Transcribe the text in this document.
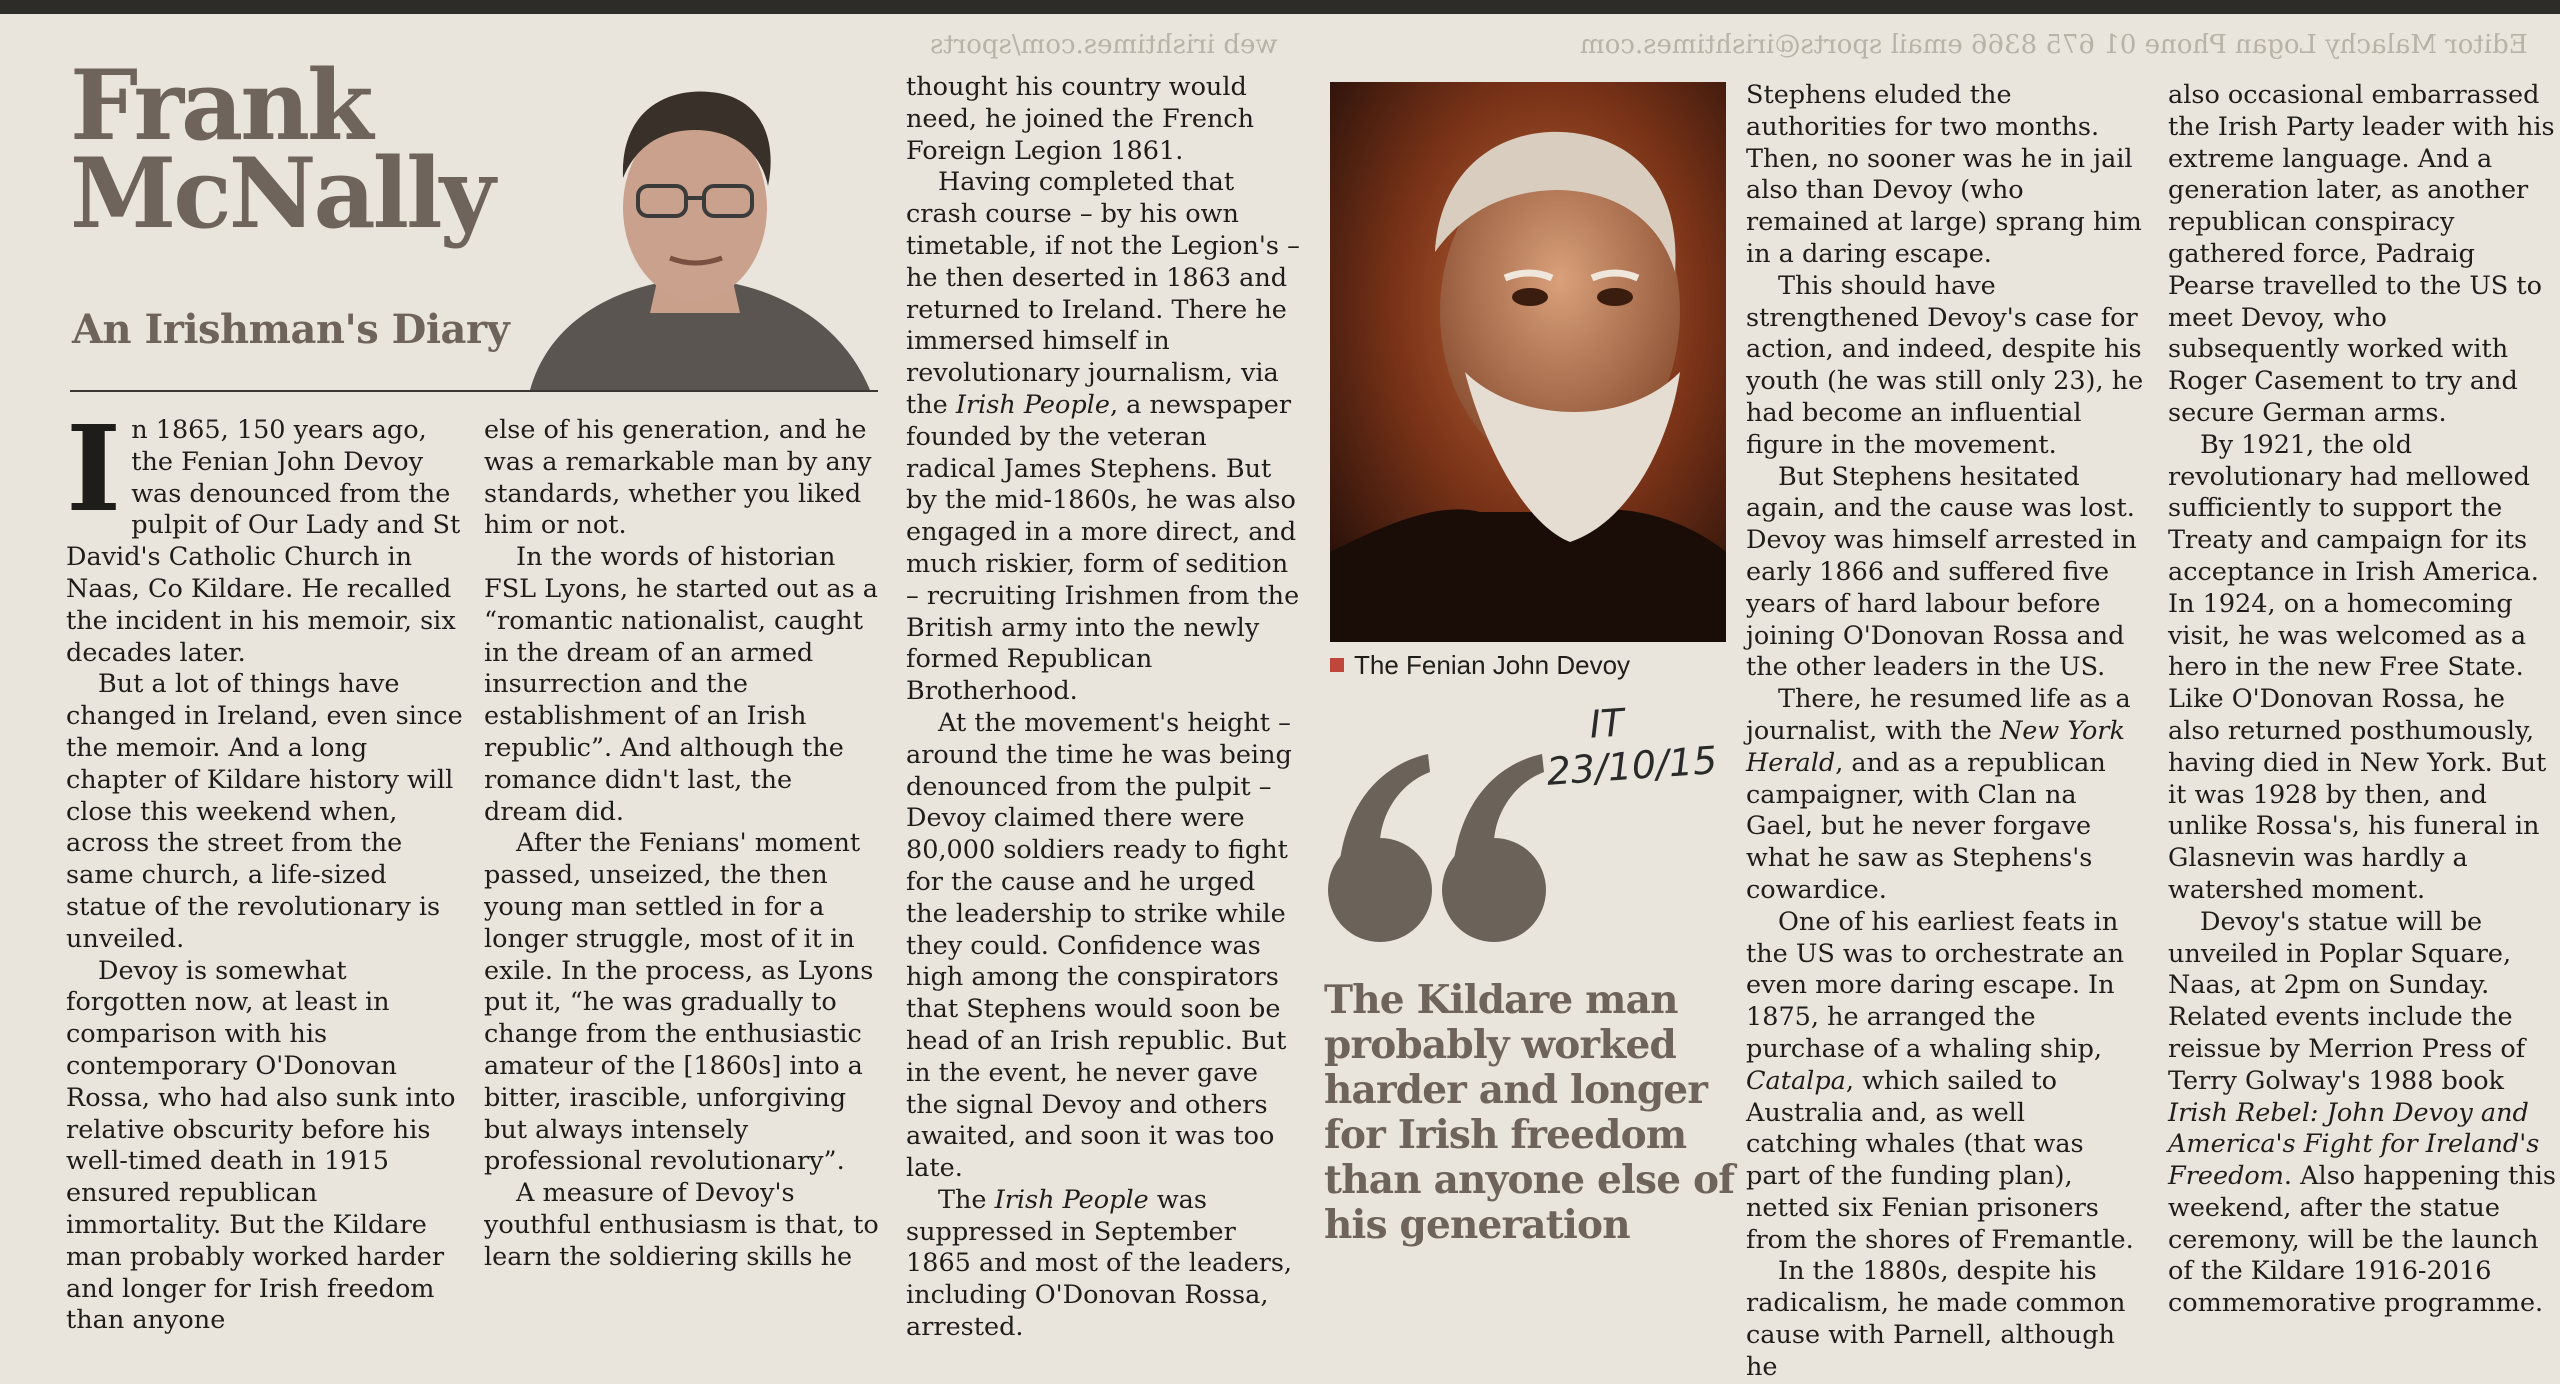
web irishtimes.com/sports	Editor Malachy Logan Phone 01 675 8366 email sports@irishtimes.com
Frank
McNally
An Irishman's Diary

In 1865, 150 years ago, the Fenian John Devoy was denounced from the pulpit of Our Lady and St David's Catholic Church in Naas, Co Kildare. He recalled the incident in his memoir, six decades later.

But a lot of things have changed in Ireland, even since the memoir. And a long chapter of Kildare history will close this weekend when, across the street from the same church, a life-sized statue of the revolutionary is unveiled.

Devoy is somewhat forgotten now, at least in comparison with his contemporary O'Donovan Rossa, who had also sunk into relative obscurity before his well-timed death in 1915 ensured republican immortality. But the Kildare man probably worked harder and longer for Irish freedom than anyone

else of his generation, and he was a remarkable man by any standards, whether you liked him or not.

In the words of historian FSL Lyons, he started out as a “romantic nationalist, caught in the dream of an armed insurrection and the establishment of an Irish republic”. And although the romance didn't last, the dream did.

After the Fenians' moment passed, unseized, the then young man settled in for a longer struggle, most of it in exile. In the process, as Lyons put it, “he was gradually to change from the enthusiastic amateur of the [1860s] into a bitter, irascible, unforgiving but always intensely professional revolutionary”.

A measure of Devoy's youthful enthusiasm is that, to learn the soldiering skills he

thought his country would need, he joined the French Foreign Legion 1861.

Having completed that crash course – by his own timetable, if not the Legion's – he then deserted in 1863 and returned to Ireland. There he immersed himself in revolutionary journalism, via the Irish People, a newspaper founded by the veteran radical James Stephens. But by the mid-1860s, he was also engaged in a more direct, and much riskier, form of sedition – recruiting Irishmen from the British army into the newly formed Republican Brotherhood.

At the movement's height – around the time he was being denounced from the pulpit – Devoy claimed there were 80,000 soldiers ready to fight for the cause and he urged the leadership to strike while they could. Confidence was high among the conspirators that Stephens would soon be head of an Irish republic. But in the event, he never gave the signal Devoy and others awaited, and soon it was too late.

The Irish People was suppressed in September 1865 and most of the leaders, including O'Donovan Rossa, arrested.

The Fenian John Devoy
IT
23/10/15
The Kildare man probably worked harder and longer for Irish freedom than anyone else of his generation

Stephens eluded the authorities for two months. Then, no sooner was he in jail also than Devoy (who remained at large) sprang him in a daring escape.

This should have strengthened Devoy's case for action, and indeed, despite his youth (he was still only 23), he had become an influential figure in the movement.

But Stephens hesitated again, and the cause was lost. Devoy was himself arrested in early 1866 and suffered five years of hard labour before joining O'Donovan Rossa and the other leaders in the US.

There, he resumed life as a journalist, with the New York Herald, and as a republican campaigner, with Clan na Gael, but he never forgave what he saw as Stephens's cowardice.

One of his earliest feats in the US was to orchestrate an even more daring escape. In 1875, he arranged the purchase of a whaling ship, Catalpa, which sailed to Australia and, as well catching whales (that was part of the funding plan), netted six Fenian prisoners from the shores of Fremantle.

In the 1880s, despite his radicalism, he made common cause with Parnell, although he

also occasional embarrassed the Irish Party leader with his extreme language. And a generation later, as another republican conspiracy gathered force, Padraig Pearse travelled to the US to meet Devoy, who subsequently worked with Roger Casement to try and secure German arms.

By 1921, the old revolutionary had mellowed sufficiently to support the Treaty and campaign for its acceptance in Irish America. In 1924, on a homecoming visit, he was welcomed as a hero in the new Free State. Like O'Donovan Rossa, he also returned posthumously, having died in New York. But it was 1928 by then, and unlike Rossa's, his funeral in Glasnevin was hardly a watershed moment.

Devoy's statue will be unveiled in Poplar Square, Naas, at 2pm on Sunday. Related events include the reissue by Merrion Press of Terry Golway's 1988 book Irish Rebel: John Devoy and America's Fight for Ireland's Freedom. Also happening this weekend, after the statue ceremony, will be the launch of the Kildare 1916-2016 commemorative programme.
